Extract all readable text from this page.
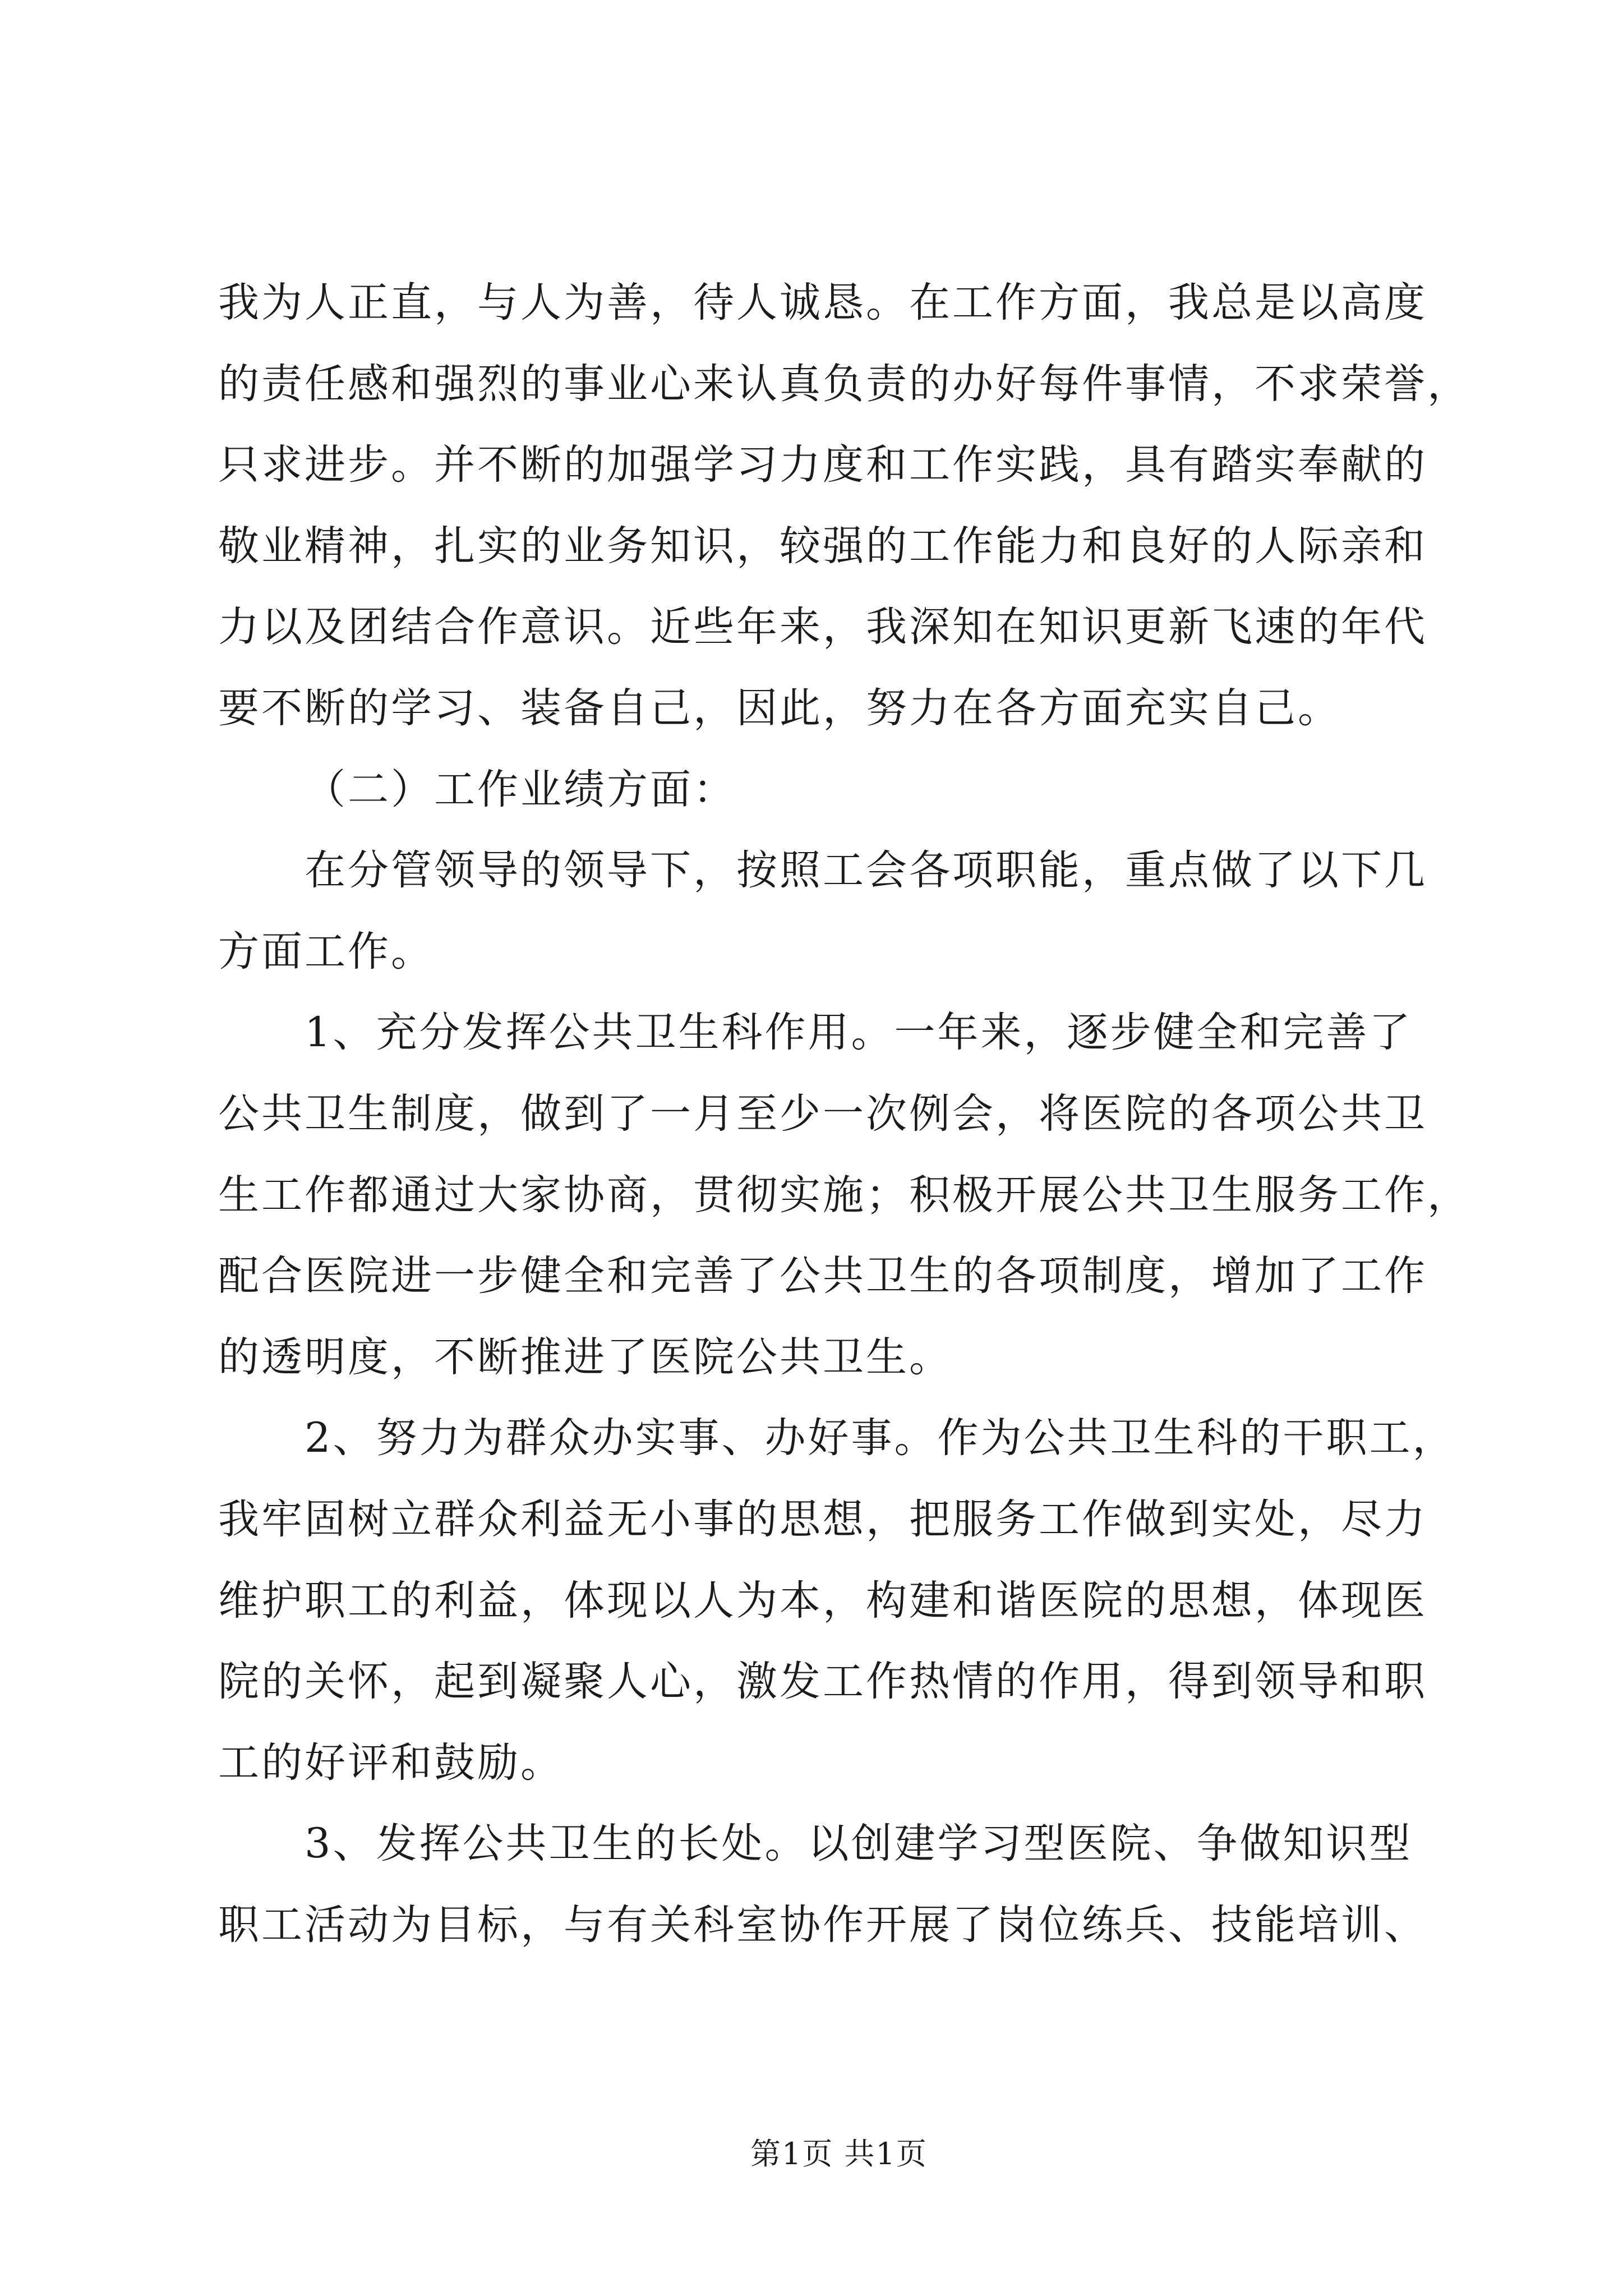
我为人正直，与人为善，待人诚恳。在工作方面，我总是以高度
的责任感和强烈的事业心来认真负责的办好每件事情，不求荣誉，
只求进步。并不断的加强学习力度和工作实践，具有踏实奉献的
敬业精神，扎实的业务知识，较强的工作能力和良好的人际亲和
力以及团结合作意识。近些年来，我深知在知识更新飞速的年代
要不断的学习、装备自己，因此，努力在各方面充实自己。
（二）工作业绩方面：
在分管领导的领导下，按照工会各项职能，重点做了以下几
方面工作。
1、充分发挥公共卫生科作用。一年来，逐步健全和完善了
公共卫生制度，做到了一月至少一次例会，将医院的各项公共卫
生工作都通过大家协商，贯彻实施；积极开展公共卫生服务工作，
配合医院进一步健全和完善了公共卫生的各项制度，增加了工作
的透明度，不断推进了医院公共卫生。
2、努力为群众办实事、办好事。作为公共卫生科的干职工，
我牢固树立群众利益无小事的思想，把服务工作做到实处，尽力
维护职工的利益，体现以人为本，构建和谐医院的思想，体现医
院的关怀，起到凝聚人心，激发工作热情的作用，得到领导和职
工的好评和鼓励。
3、发挥公共卫生的长处。以创建学习型医院、争做知识型
职工活动为目标，与有关科室协作开展了岗位练兵、技能培训、
第1页 共1页
